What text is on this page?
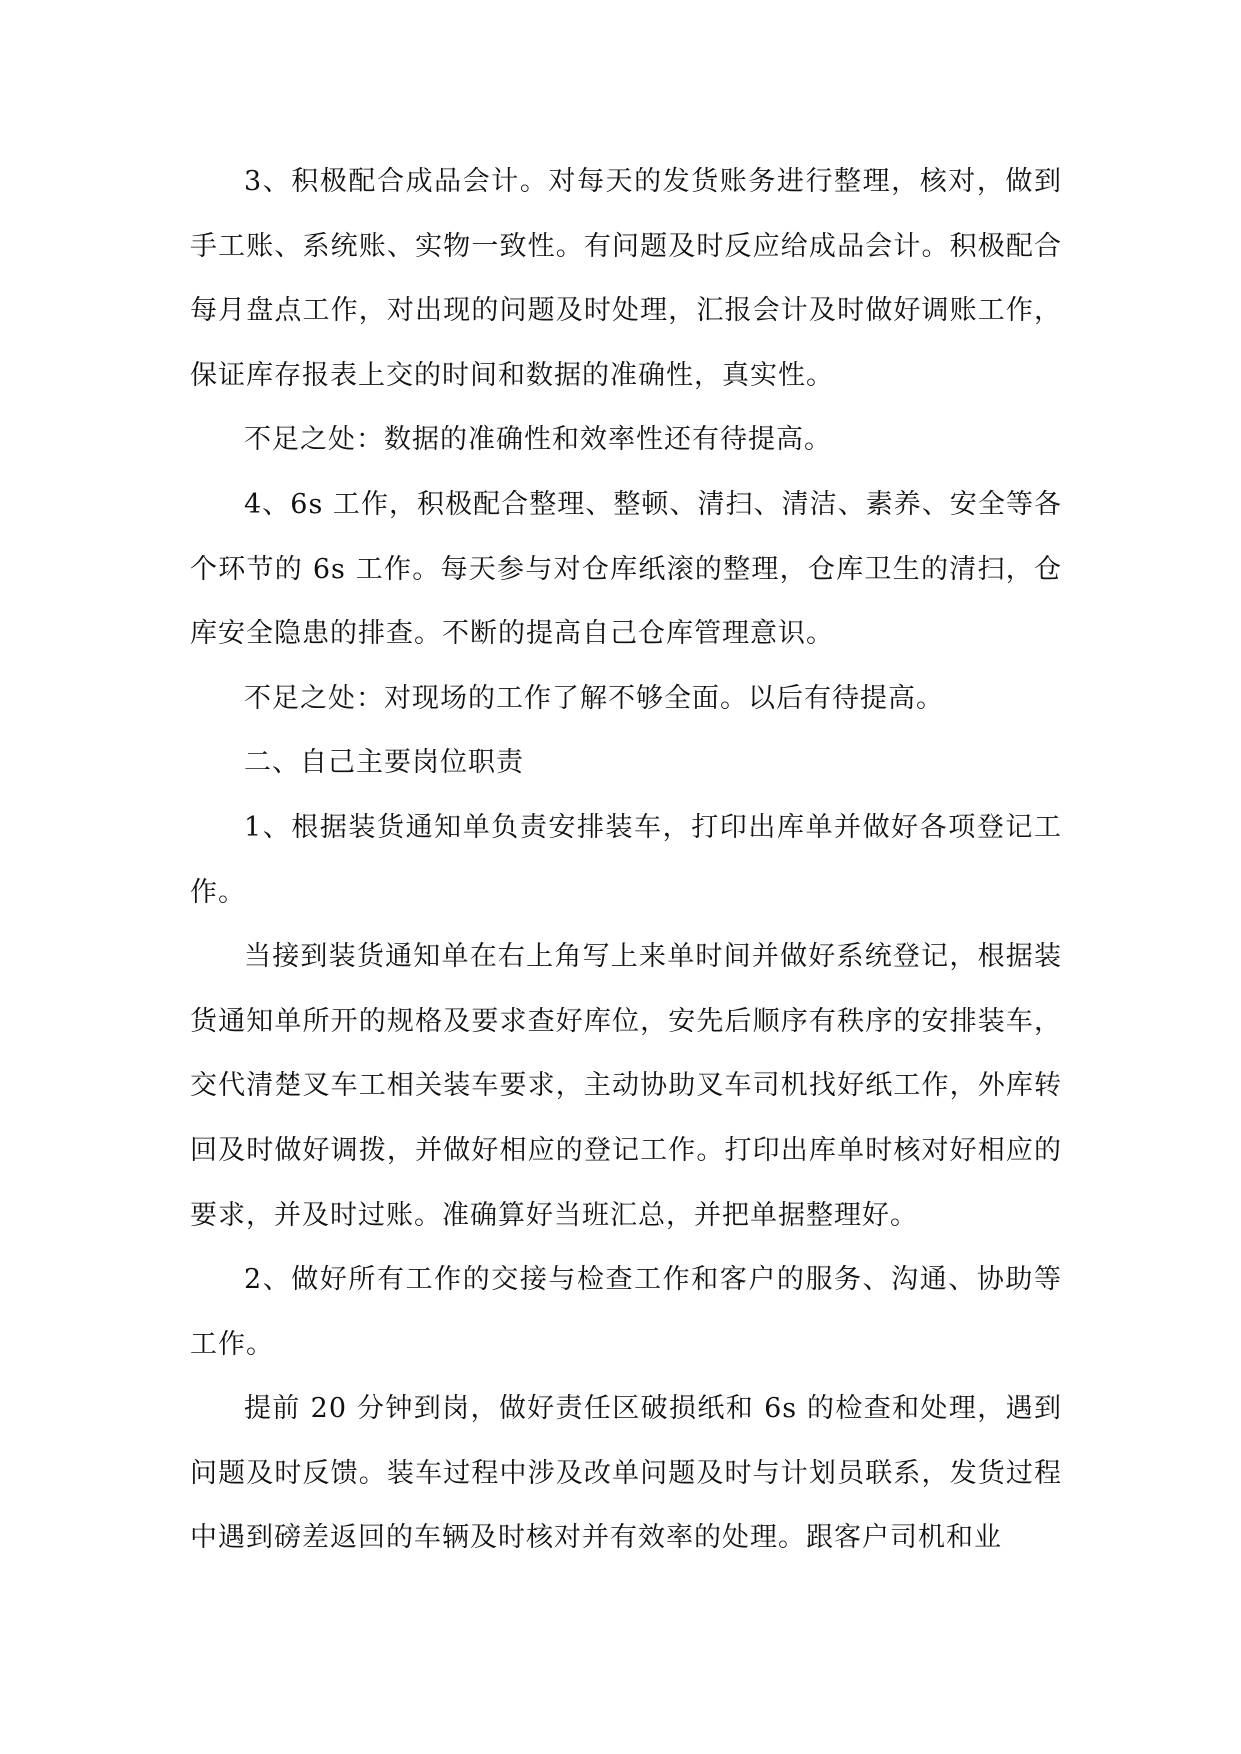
3、积极配合成品会计。对每天的发货账务进行整理，核对，做到手工账、系统账、实物一致性。有问题及时反应给成品会计。积极配合每月盘点工作，对出现的问题及时处理，汇报会计及时做好调账工作，保证库存报表上交的时间和数据的准确性，真实性。

不足之处：数据的准确性和效率性还有待提高。

4、6s 工作，积极配合整理、整顿、清扫、清洁、素养、安全等各个环节的 6s 工作。每天参与对仓库纸滚的整理，仓库卫生的清扫，仓库安全隐患的排查。不断的提高自己仓库管理意识。

不足之处：对现场的工作了解不够全面。以后有待提高。

二、自己主要岗位职责

1、根据装货通知单负责安排装车，打印出库单并做好各项登记工作。

当接到装货通知单在右上角写上来单时间并做好系统登记，根据装货通知单所开的规格及要求查好库位，安先后顺序有秩序的安排装车，交代清楚叉车工相关装车要求，主动协助叉车司机找好纸工作，外库转回及时做好调拨，并做好相应的登记工作。打印出库单时核对好相应的要求，并及时过账。准确算好当班汇总，并把单据整理好。

2、做好所有工作的交接与检查工作和客户的服务、沟通、协助等工作。

提前 20 分钟到岗，做好责任区破损纸和 6s 的检查和处理，遇到问题及时反馈。装车过程中涉及改单问题及时与计划员联系，发货过程中遇到磅差返回的车辆及时核对并有效率的处理。跟客户司机和业
